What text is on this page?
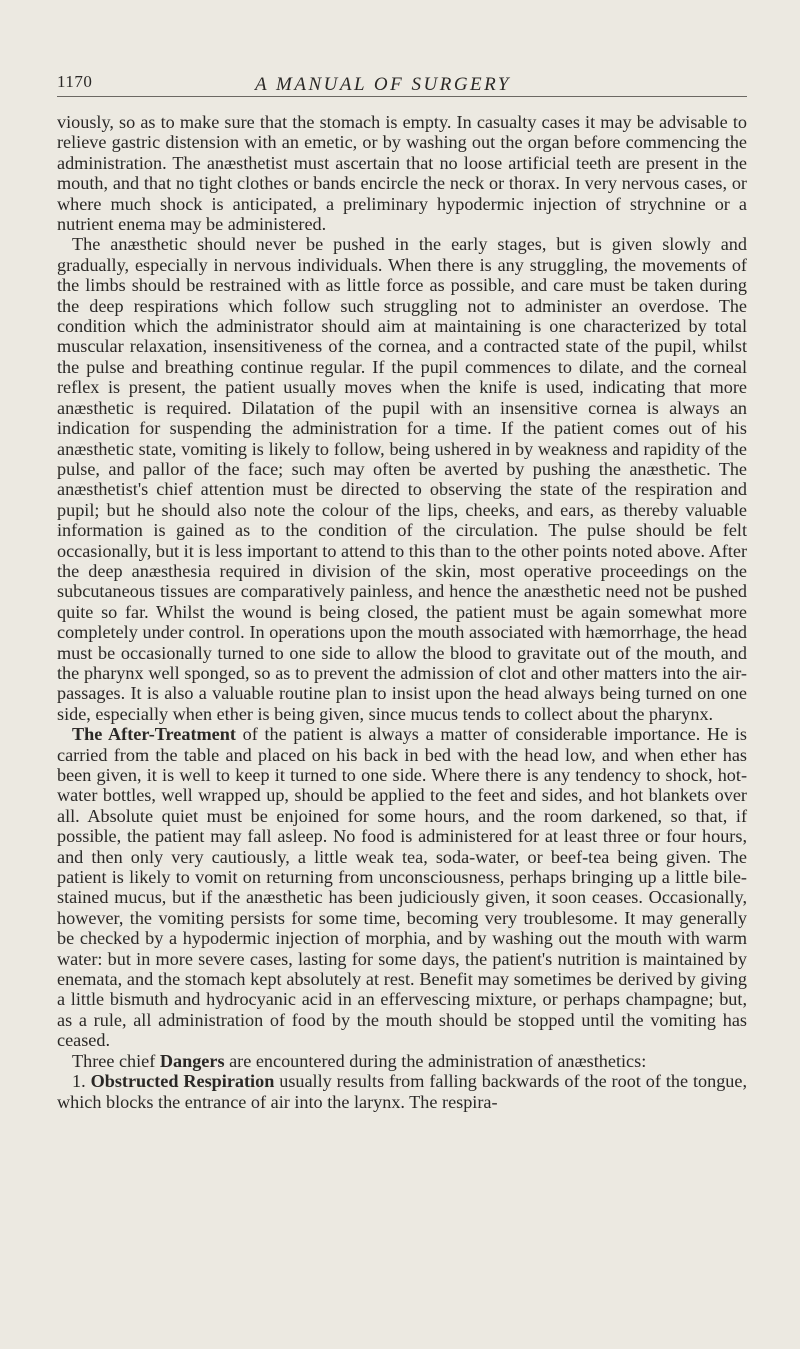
1170	A MANUAL OF SURGERY

viously, so as to make sure that the stomach is empty. In casualty cases it may be advisable to relieve gastric distension with an emetic, or by washing out the organ before commencing the administration. The anæsthetist must ascertain that no loose artificial teeth are present in the mouth, and that no tight clothes or bands encircle the neck or thorax. In very nervous cases, or where much shock is anticipated, a preliminary hypodermic injection of strychnine or a nutrient enema may be administered.

The anæsthetic should never be pushed in the early stages, but is given slowly and gradually, especially in nervous individuals. When there is any struggling, the movements of the limbs should be restrained with as little force as possible, and care must be taken during the deep respirations which follow such struggling not to administer an overdose. The condition which the administrator should aim at maintaining is one characterized by total muscular relaxation, insensitiveness of the cornea, and a contracted state of the pupil, whilst the pulse and breathing continue regular. If the pupil commences to dilate, and the corneal reflex is present, the patient usually moves when the knife is used, indicating that more anæsthetic is required. Dilatation of the pupil with an insensitive cornea is always an indication for suspending the administration for a time. If the patient comes out of his anæsthetic state, vomiting is likely to follow, being ushered in by weakness and rapidity of the pulse, and pallor of the face; such may often be averted by pushing the anæsthetic. The anæsthetist's chief attention must be directed to observing the state of the respiration and pupil; but he should also note the colour of the lips, cheeks, and ears, as thereby valuable information is gained as to the condition of the circulation. The pulse should be felt occasionally, but it is less important to attend to this than to the other points noted above. After the deep anæsthesia required in division of the skin, most operative proceedings on the subcutaneous tissues are comparatively painless, and hence the anæsthetic need not be pushed quite so far. Whilst the wound is being closed, the patient must be again somewhat more completely under control. In operations upon the mouth associated with hæmorrhage, the head must be occasionally turned to one side to allow the blood to gravitate out of the mouth, and the pharynx well sponged, so as to prevent the admission of clot and other matters into the air-passages. It is also a valuable routine plan to insist upon the head always being turned on one side, especially when ether is being given, since mucus tends to collect about the pharynx.

The After-Treatment of the patient is always a matter of considerable importance. He is carried from the table and placed on his back in bed with the head low, and when ether has been given, it is well to keep it turned to one side. Where there is any tendency to shock, hot-water bottles, well wrapped up, should be applied to the feet and sides, and hot blankets over all. Absolute quiet must be enjoined for some hours, and the room darkened, so that, if possible, the patient may fall asleep. No food is administered for at least three or four hours, and then only very cautiously, a little weak tea, soda-water, or beef-tea being given. The patient is likely to vomit on returning from unconsciousness, perhaps bringing up a little bile-stained mucus, but if the anæsthetic has been judiciously given, it soon ceases. Occasionally, however, the vomiting persists for some time, becoming very troublesome. It may generally be checked by a hypodermic injection of morphia, and by washing out the mouth with warm water: but in more severe cases, lasting for some days, the patient's nutrition is maintained by enemata, and the stomach kept absolutely at rest. Benefit may sometimes be derived by giving a little bismuth and hydrocyanic acid in an effervescing mixture, or perhaps champagne; but, as a rule, all administration of food by the mouth should be stopped until the vomiting has ceased.

Three chief Dangers are encountered during the administration of anæsthetics:

1. Obstructed Respiration usually results from falling backwards of the root of the tongue, which blocks the entrance of air into the larynx. The respira-
